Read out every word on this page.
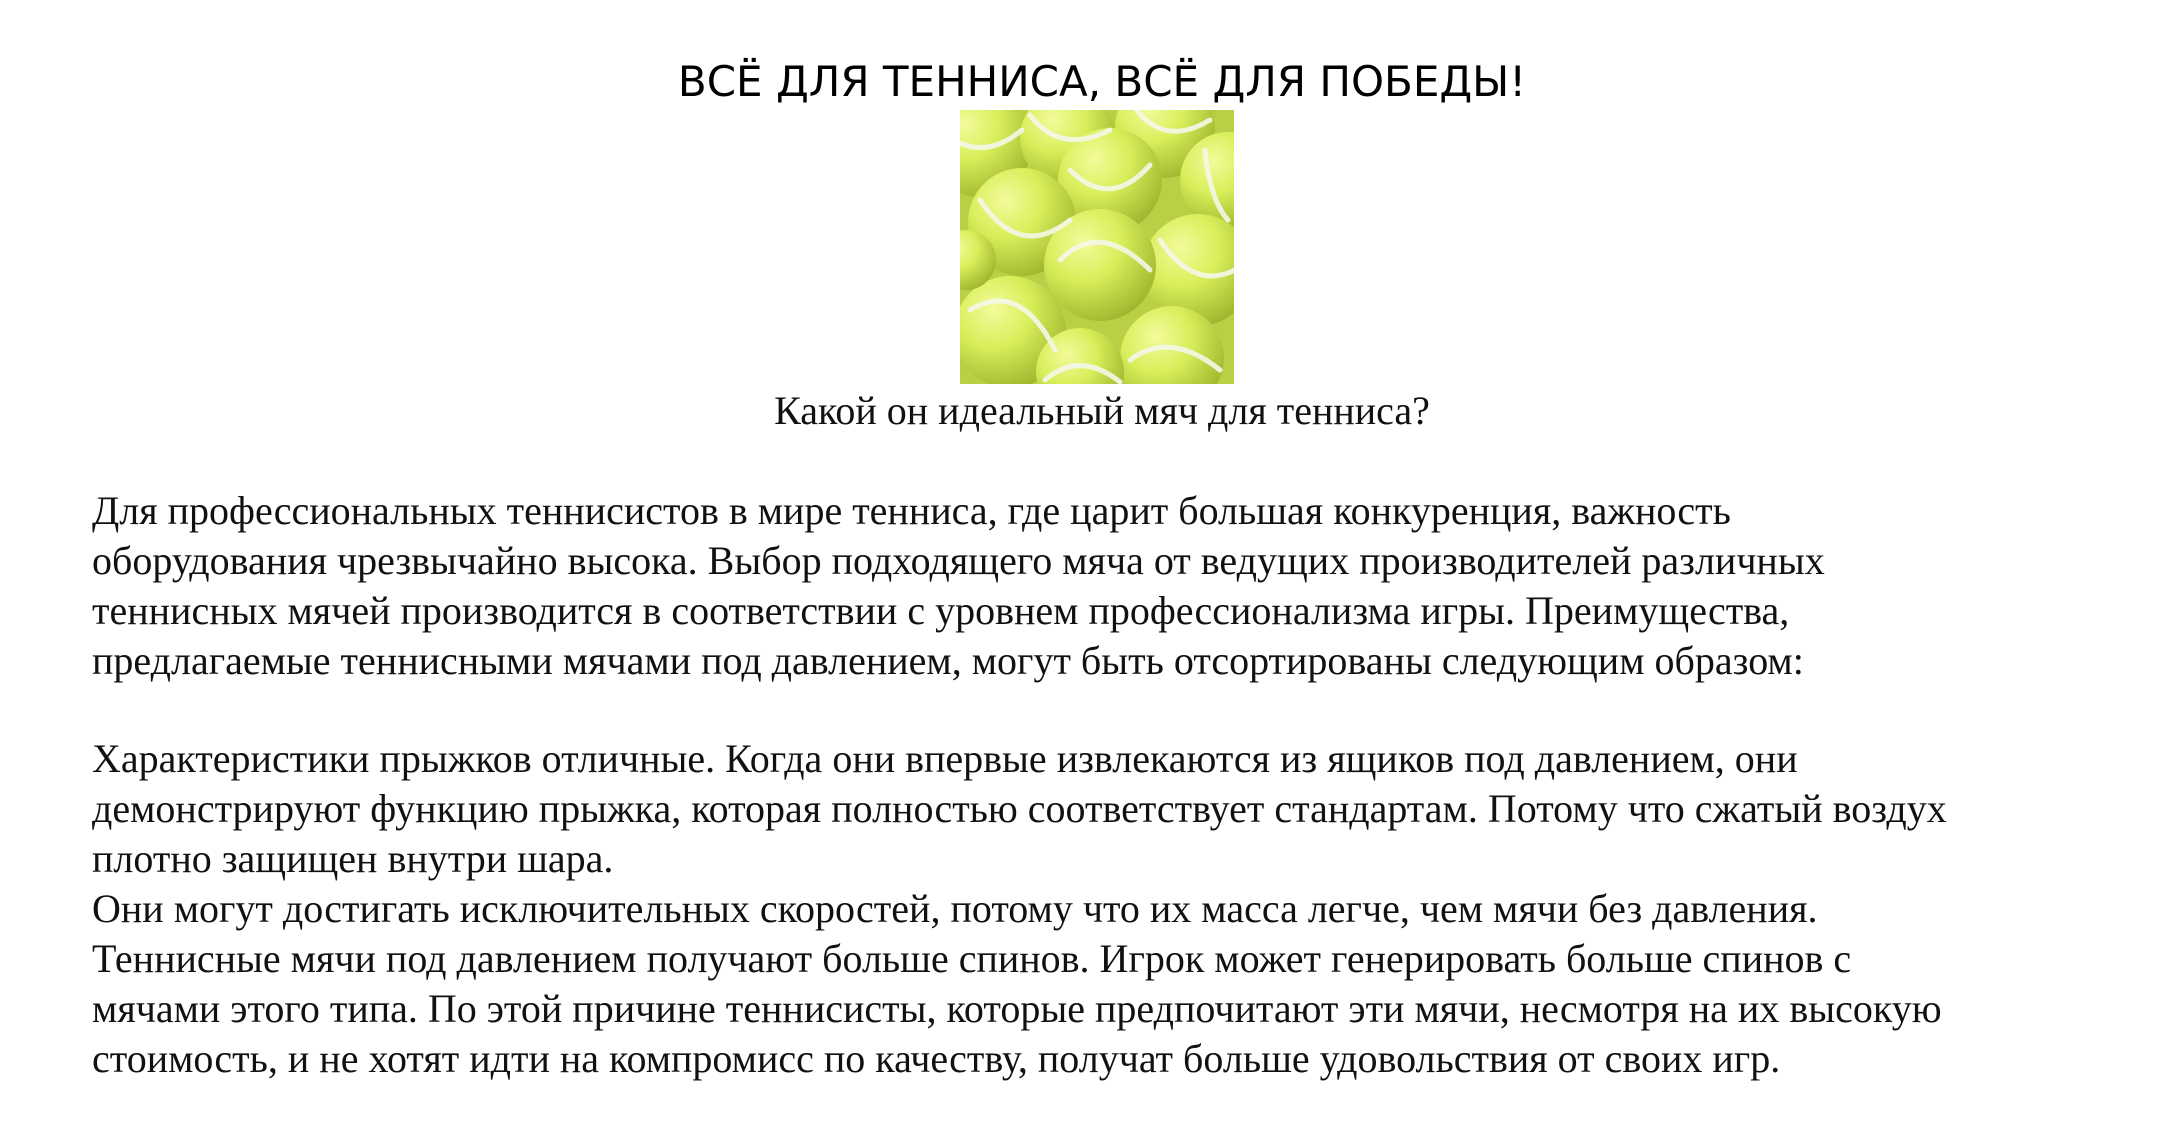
ВСЁ ДЛЯ ТЕННИСА, ВСЁ ДЛЯ ПОБЕДЫ!
Какой он идеальный мяч для тенниса?
Для профессиональных теннисистов в мире тенниса, где царит большая конкуренция, важность
оборудования чрезвычайно высока. Выбор подходящего мяча от ведущих производителей различных
теннисных мячей производится в соответствии с уровнем профессионализма игры. Преимущества,
предлагаемые теннисными мячами под давлением, могут быть отсортированы следующим образом:
Характеристики прыжков отличные. Когда они впервые извлекаются из ящиков под давлением, они
демонстрируют функцию прыжка, которая полностью соответствует стандартам. Потому что сжатый воздух
плотно защищен внутри шара.
Они могут достигать исключительных скоростей, потому что их масса легче, чем мячи без давления.
Теннисные мячи под давлением получают больше спинов. Игрок может генерировать больше спинов с
мячами этого типа. По этой причине теннисисты, которые предпочитают эти мячи, несмотря на их высокую
стоимость, и не хотят идти на компромисс по качеству, получат больше удовольствия от своих игр.
